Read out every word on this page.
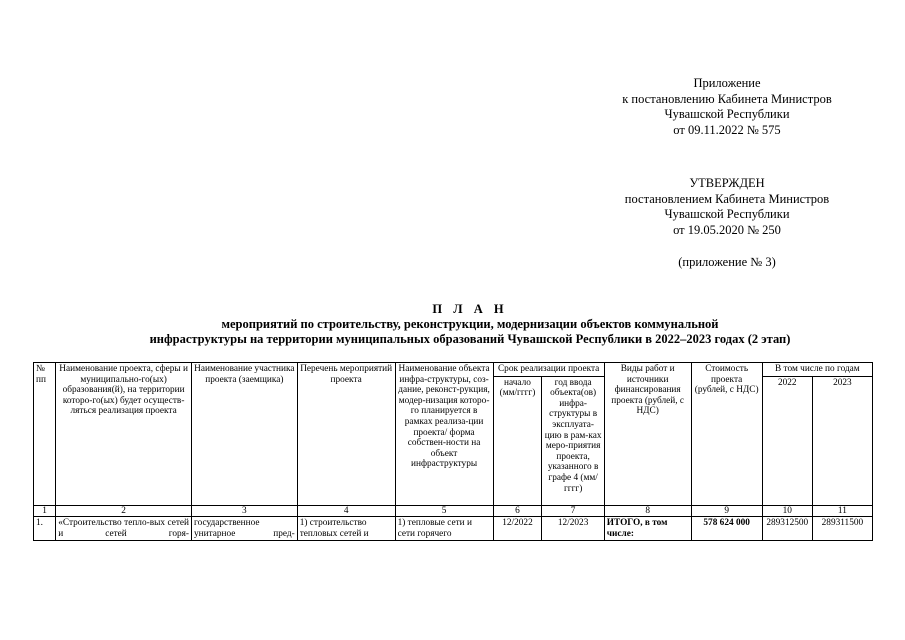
Приложение
к постановлению Кабинета Министров
Чувашской Республики
от 09.11.2022 № 575
УТВЕРЖДЕН
постановлением Кабинета Министров
Чувашской Республики
от 19.05.2020 № 250
(приложение № 3)
П Л А Н
мероприятий по строительству, реконструкции, модернизации объектов коммунальной
инфраструктуры на территории муниципальных образований Чувашской Республики в 2022–2023 годах (2 этап)
№ пп	Наименование проекта, сферы и муниципально-го(ых) образования(й), на территории которо-го(ых) будет осуществ-ляться реализация проекта	Наименование участника проекта (заемщика)	Перечень мероприятий проекта	Наименование объекта инфра-структуры, соз-дание, реконст-рукция, модер-низация которо-го планируется в рамках реализа-ции проекта/ форма собствен-ности на объект инфраструктуры	Срок реализации проекта		Виды работ и источники финансирования проекта (рублей, с НДС)	Стоимость проекта (рублей, с НДС)	В том числе по годам	
					начало (мм/гггг)	год ввода объекта(ов) инфра-структуры в эксплуата-цию в рам-ках меро-приятия проекта, указанного в графе 4 (мм/гггг)			2022	2023
1	2	3	4	5	6	7	8	9	10	11

1.	«Строительство тепло-вых сетей и сетей горя-	государственное унитарное пред-	1) строительство тепловых сетей и	1) тепловые сети и сети горячего	12/2022	12/2023	ИТОГО, в том числе:	578 624 000	289312500	289311500
